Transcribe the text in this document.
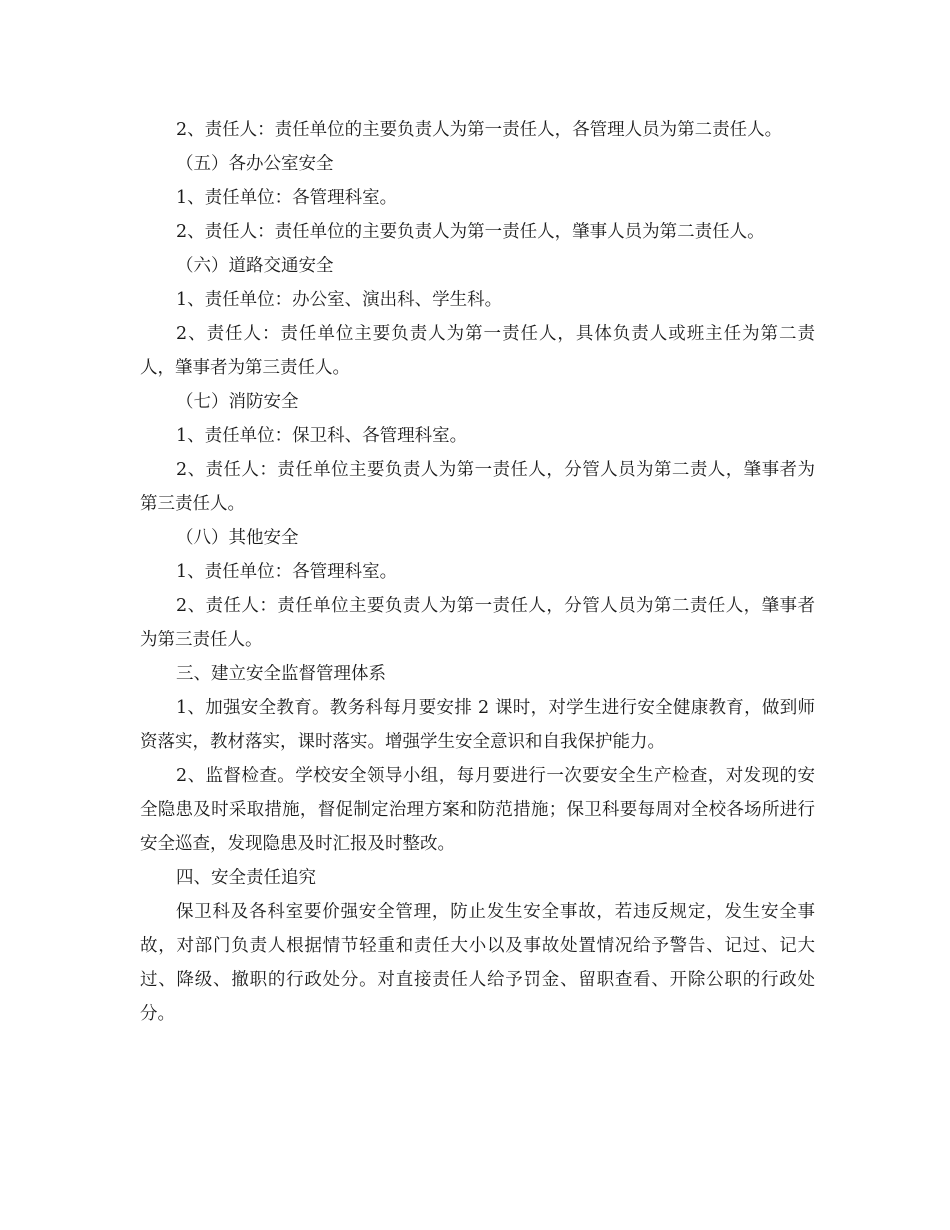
2、责任人：责任单位的主要负责人为第一责任人，各管理人员为第二责任人。

（五）各办公室安全

1、责任单位：各管理科室。

2、责任人：责任单位的主要负责人为第一责任人，肇事人员为第二责任人。

（六）道路交通安全

1、责任单位：办公室、演出科、学生科。

2、责任人：责任单位主要负责人为第一责任人，具体负责人或班主任为第二责人，肇事者为第三责任人。

（七）消防安全

1、责任单位：保卫科、各管理科室。

2、责任人：责任单位主要负责人为第一责任人，分管人员为第二责人，肇事者为第三责任人。

（八）其他安全

1、责任单位：各管理科室。

2、责任人：责任单位主要负责人为第一责任人，分管人员为第二责任人，肇事者为第三责任人。

三、建立安全监督管理体系

1、加强安全教育。教务科每月要安排 2 课时，对学生进行安全健康教育，做到师资落实，教材落实，课时落实。增强学生安全意识和自我保护能力。

2、监督检查。学校安全领导小组，每月要进行一次要安全生产检查，对发现的安全隐患及时采取措施，督促制定治理方案和防范措施；保卫科要每周对全校各场所进行安全巡查，发现隐患及时汇报及时整改。

四、安全责任追究

保卫科及各科室要价强安全管理，防止发生安全事故，若违反规定，发生安全事故，对部门负责人根据情节轻重和责任大小以及事故处置情况给予警告、记过、记大过、降级、撤职的行政处分。对直接责任人给予罚金、留职查看、开除公职的行政处分。
